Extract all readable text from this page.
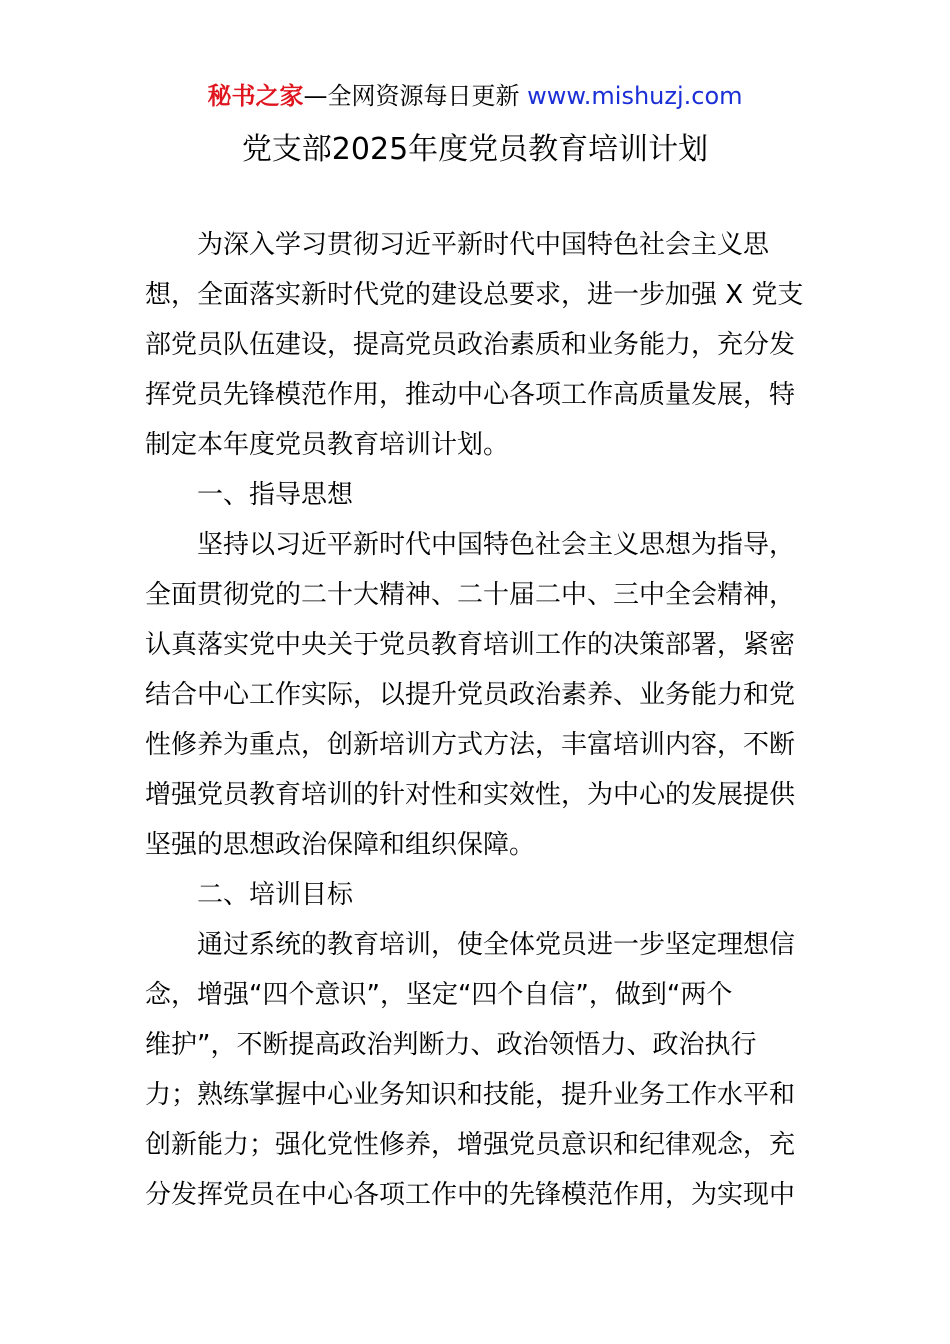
秘书之家—全网资源每日更新 www.mishuzj.com
党支部2025年度党员教育培训计划
为深入学习贯彻习近平新时代中国特色社会主义思
想，全面落实新时代党的建设总要求，进一步加强 X 党支
部党员队伍建设，提高党员政治素质和业务能力，充分发
挥党员先锋模范作用，推动中心各项工作高质量发展，特
制定本年度党员教育培训计划。
一、指导思想
坚持以习近平新时代中国特色社会主义思想为指导，
全面贯彻党的二十大精神、二十届二中、三中全会精神，
认真落实党中央关于党员教育培训工作的决策部署，紧密
结合中心工作实际，以提升党员政治素养、业务能力和党
性修养为重点，创新培训方式方法，丰富培训内容，不断
增强党员教育培训的针对性和实效性，为中心的发展提供
坚强的思想政治保障和组织保障。
二、培训目标
通过系统的教育培训，使全体党员进一步坚定理想信
念，增强“四个意识”，坚定“四个自信”，做到“两个
维护”，不断提高政治判断力、政治领悟力、政治执行
力；熟练掌握中心业务知识和技能，提升业务工作水平和
创新能力；强化党性修养，增强党员意识和纪律观念，充
分发挥党员在中心各项工作中的先锋模范作用，为实现中
